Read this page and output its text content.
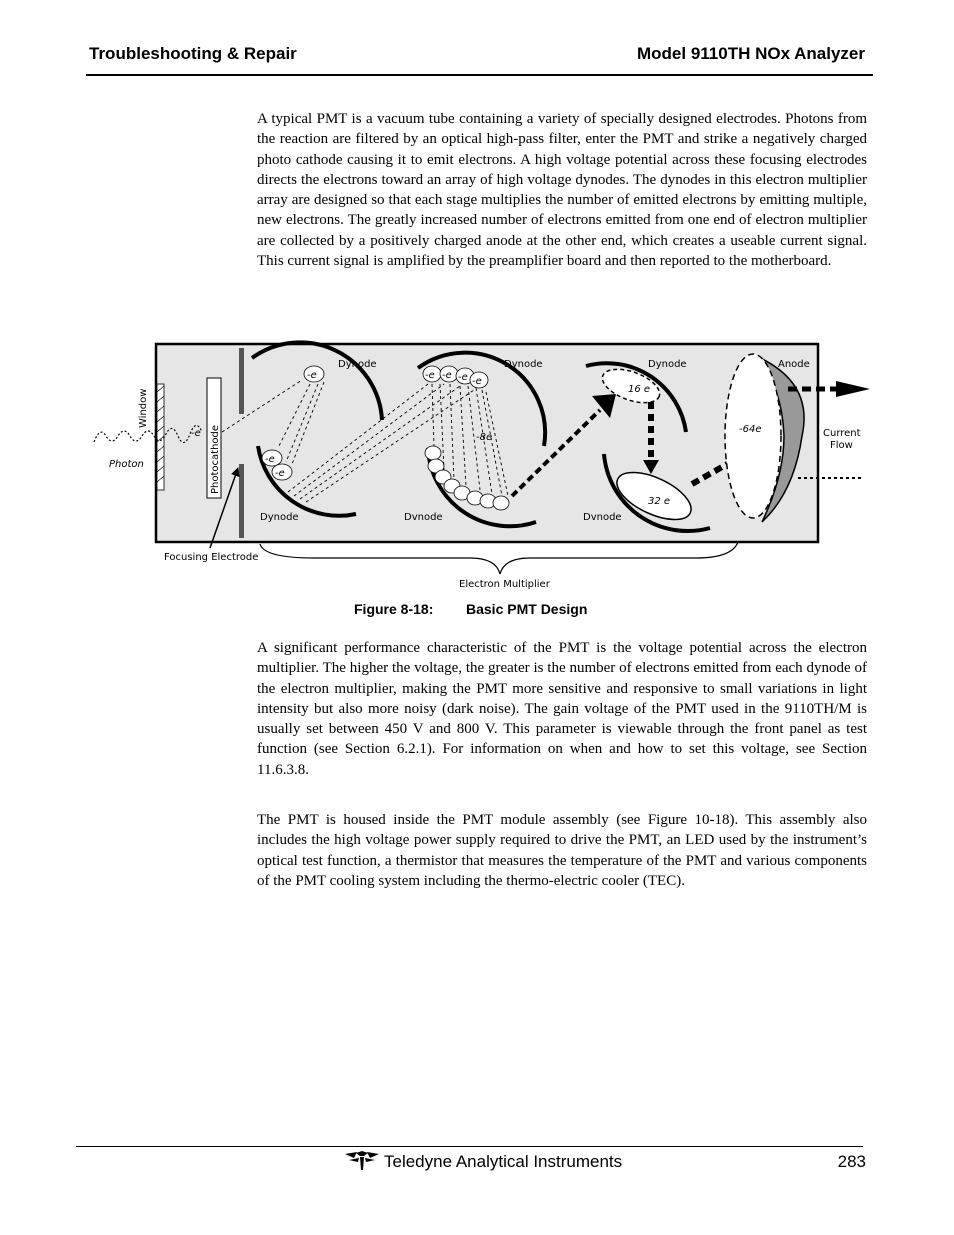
Troubleshooting & Repair	Model 9110TH NOx Analyzer

A typical PMT is a vacuum tube containing a variety of specially designed electrodes. Photons from the reaction are filtered by an optical high-pass filter, enter the PMT and strike a negatively charged photo cathode causing it to emit electrons. A high voltage potential across these focusing electrodes directs the electrons toward an array of high voltage dynodes. The dynodes in this electron multiplier array are designed so that each stage multiplies the number of emitted electrons by emitting multiple, new electrons. The greatly increased number of electrons emitted from one end of electron multiplier are collected by a positively charged anode at the other end, which creates a useable current signal. This current signal is amplified by the preamplifier board and then reported to the motherboard.

Window
Photon	Photocathode
-e
Focusing Electrode
Dynode
-e
Dynode
-e
-e
Dynode
-e -e -e -e
-8e
Dvnode
Dynode
16 e
Dvnode
32 e
Anode
-64e	Current
Flow
Electron Multiplier
Figure 8-18: Basic PMT Design

A significant performance characteristic of the PMT is the voltage potential across the electron multiplier. The higher the voltage, the greater is the number of electrons emitted from each dynode of the electron multiplier, making the PMT more sensitive and responsive to small variations in light intensity but also more noisy (dark noise). The gain voltage of the PMT used in the 9110TH/M is usually set between 450 V and 800 V. This parameter is viewable through the front panel as test function (see Section 6.2.1). For information on when and how to set this voltage, see Section 11.6.3.8.

The PMT is housed inside the PMT module assembly (see Figure 10-18). This assembly also includes the high voltage power supply required to drive the PMT, an LED used by the instrument’s optical test function, a thermistor that measures the temperature of the PMT and various components of the PMT cooling system including the thermo-electric cooler (TEC).

Teledyne Analytical Instruments	283
